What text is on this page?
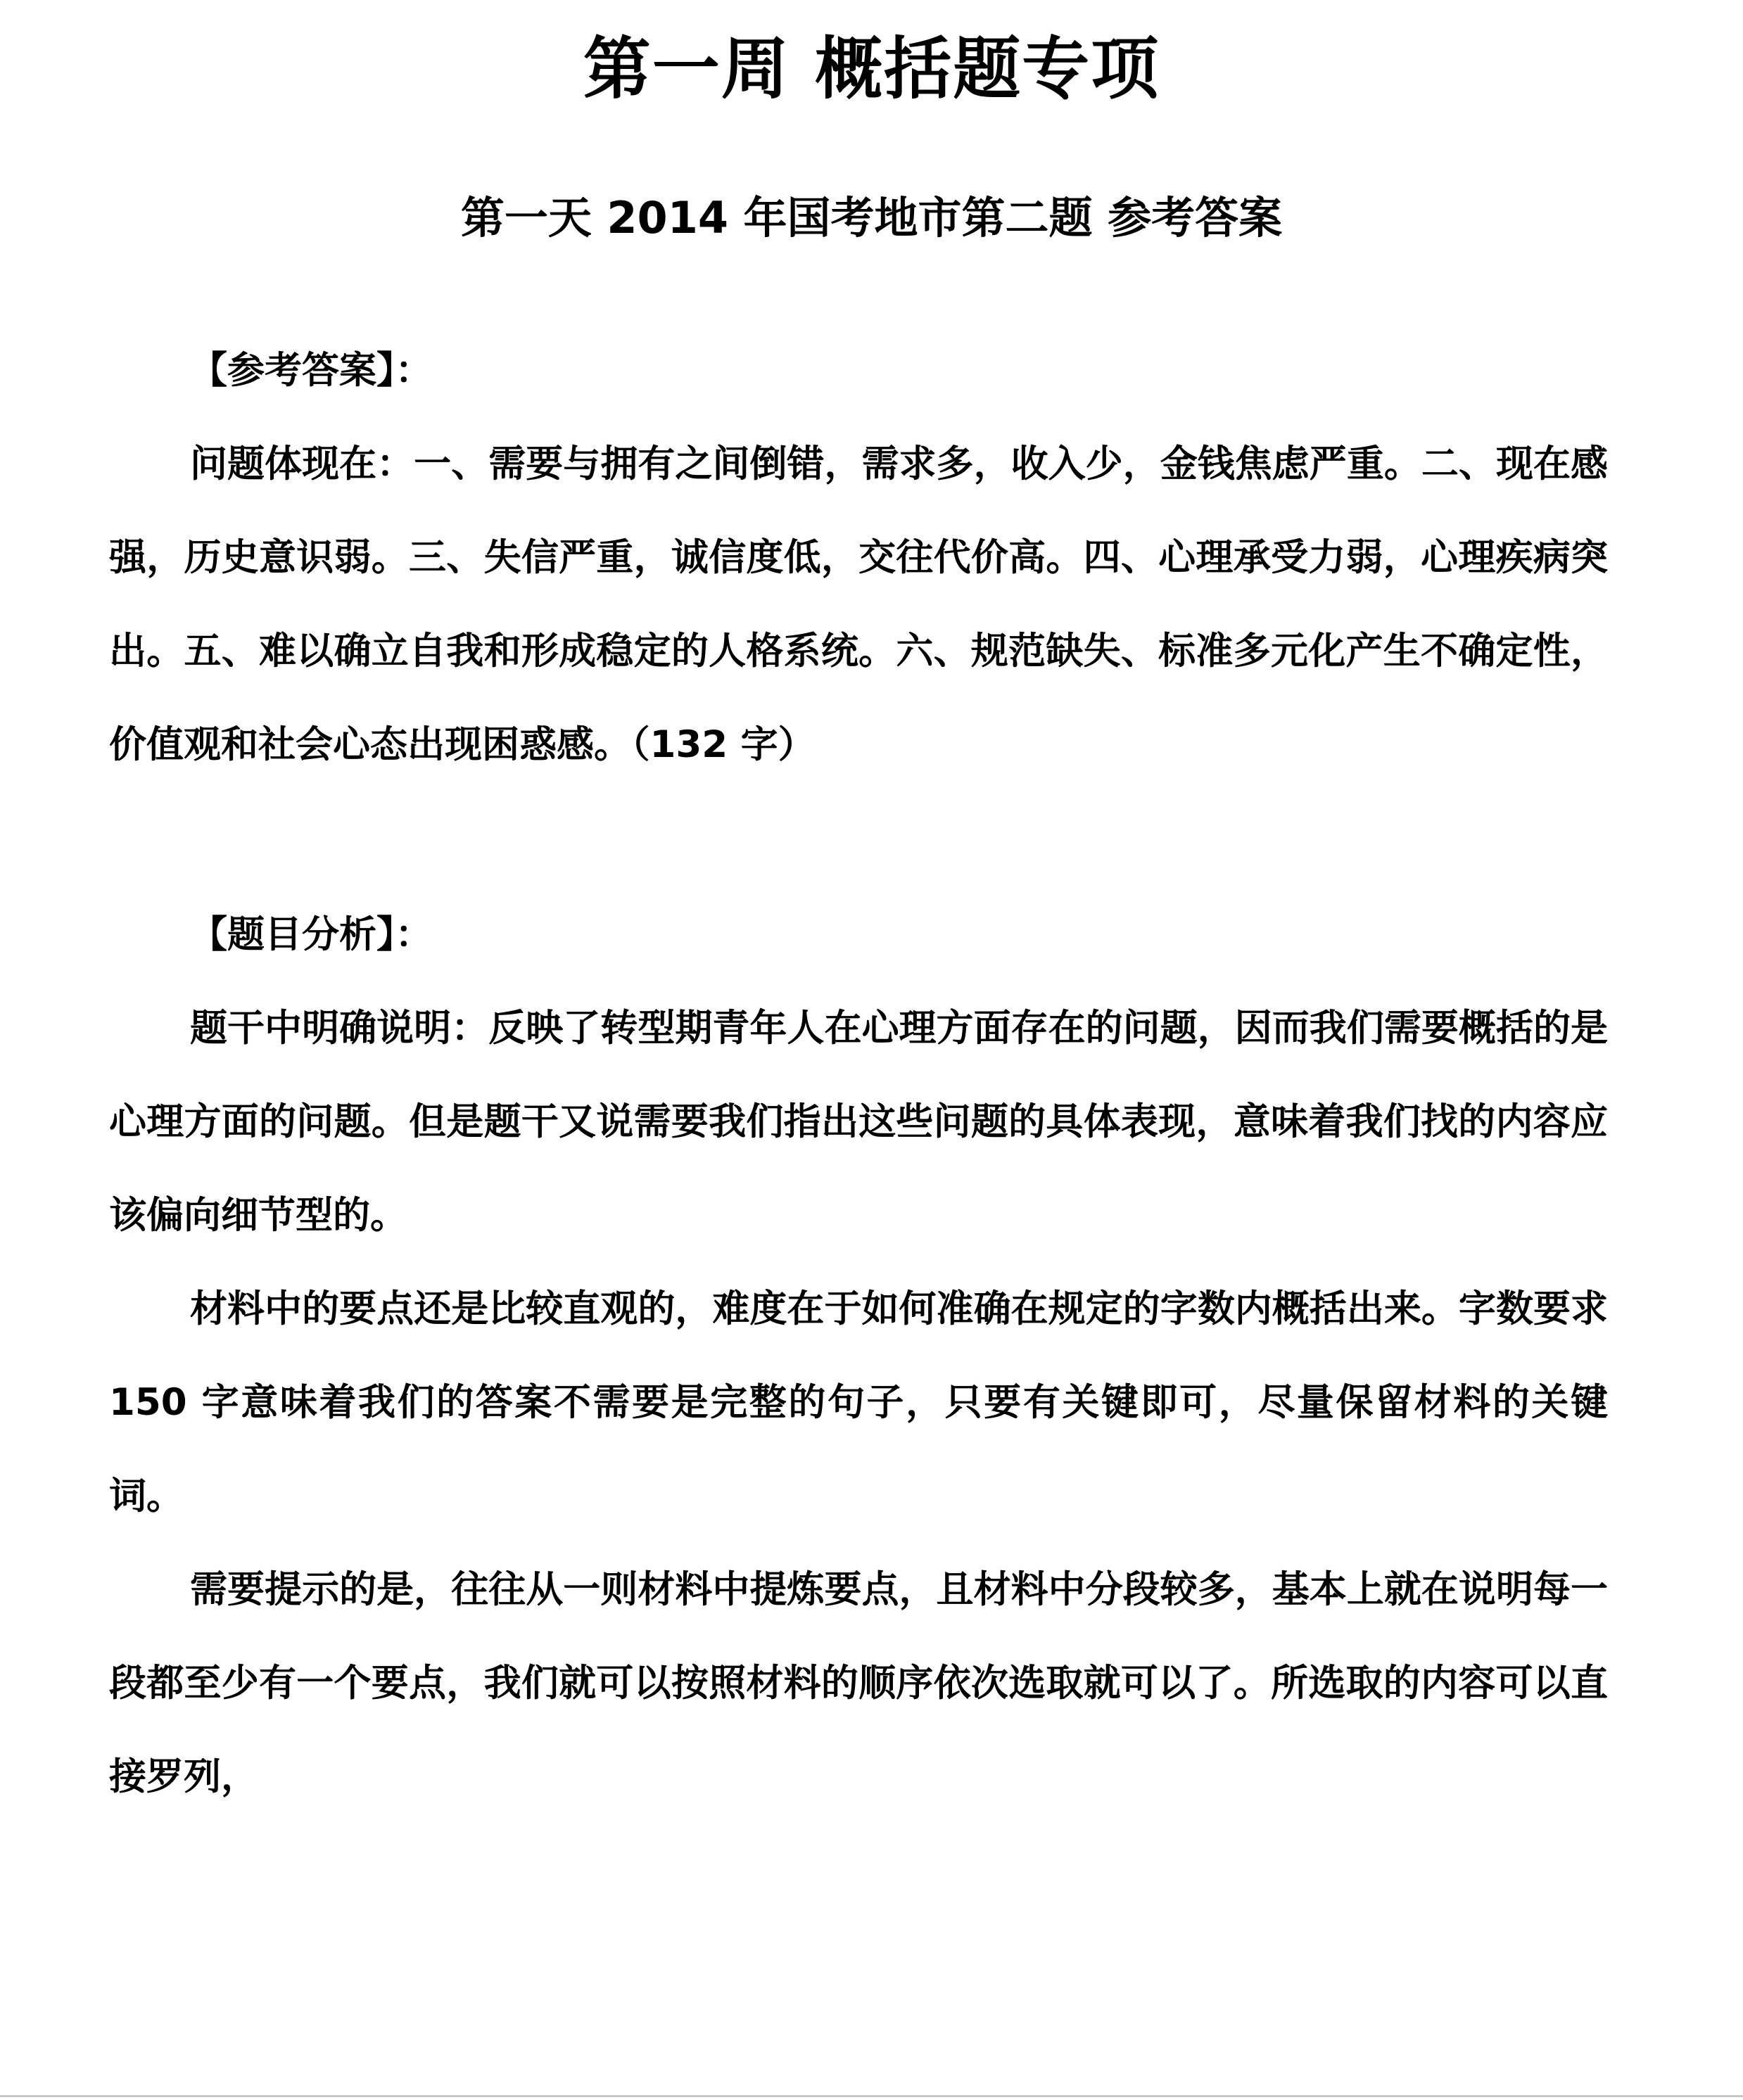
第一周 概括题专项
第一天 2014 年国考地市第二题 参考答案

【参考答案】：

问题体现在：一、需要与拥有之间倒错，需求多，收入少，金钱焦虑严重。二、现在感强，历史意识弱。三、失信严重，诚信度低，交往代价高。四、心理承受力弱，心理疾病突出。五、难以确立自我和形成稳定的人格系统。六、规范缺失、标准多元化产生不确定性，价值观和社会心态出现困惑感。（132 字）

【题目分析】：

题干中明确说明：反映了转型期青年人在心理方面存在的问题，因而我们需要概括的是心理方面的问题。但是题干又说需要我们指出这些问题的具体表现，意味着我们找的内容应该偏向细节型的。

材料中的要点还是比较直观的，难度在于如何准确在规定的字数内概括出来。字数要求 150 字意味着我们的答案不需要是完整的句子，只要有关键即可，尽量保留材料的关键词。

需要提示的是，往往从一则材料中提炼要点，且材料中分段较多，基本上就在说明每一段都至少有一个要点，我们就可以按照材料的顺序依次选取就可以了。所选取的内容可以直接罗列，
